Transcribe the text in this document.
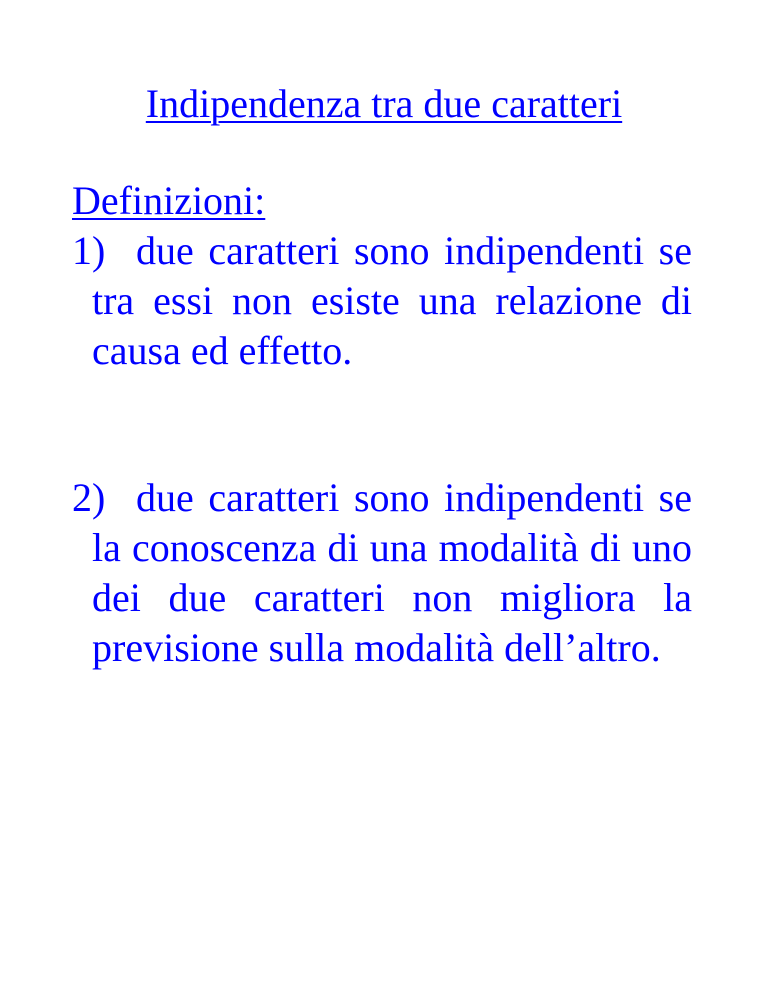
Indipendenza tra due caratteri
Definizioni:
1) due caratteri sono indipendenti se tra essi non esiste una relazione di causa ed effetto.
2) due caratteri sono indipendenti se la conoscenza di una modalità di uno dei due caratteri non migliora la previsione sulla modalità dell’altro.
